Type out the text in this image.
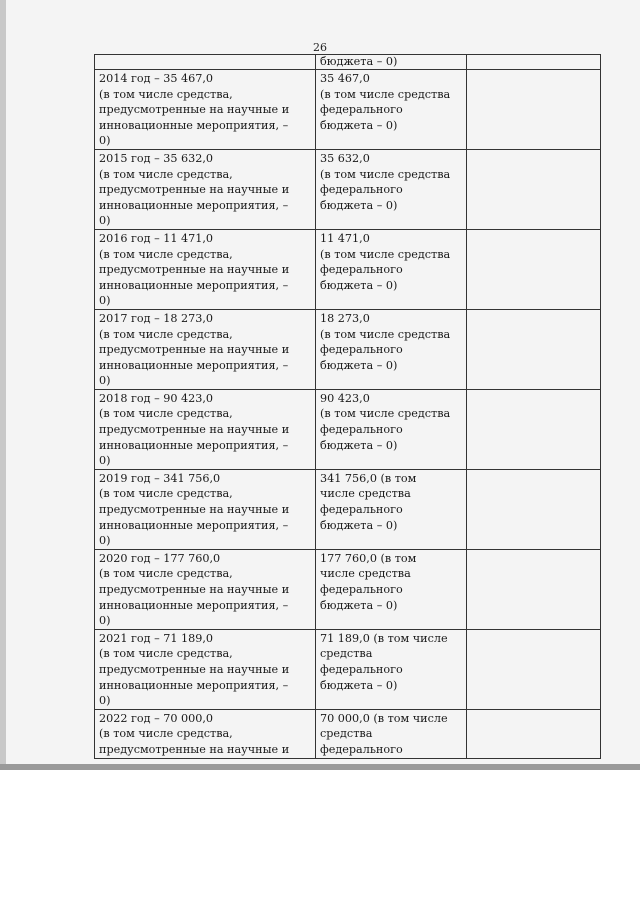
26
	бюджета – 0)	
2014 год – 35 467,0
(в том числе средства,
предусмотренные на научные и
инновационные мероприятия, –
0)	35 467,0
(в том числе средства
федерального
бюджета – 0)	
2015 год – 35 632,0
(в том числе средства,
предусмотренные на научные и
инновационные мероприятия, –
0)	35 632,0
(в том числе средства
федерального
бюджета – 0)	
2016 год – 11 471,0
(в том числе средства,
предусмотренные на научные и
инновационные мероприятия, –
0)	11 471,0
(в том числе средства
федерального
бюджета – 0)	
2017 год – 18 273,0
(в том числе средства,
предусмотренные на научные и
инновационные мероприятия, –
0)	18 273,0
(в том числе средства
федерального
бюджета – 0)	
2018 год – 90 423,0
(в том числе средства,
предусмотренные на научные и
инновационные мероприятия, –
0)	90 423,0
(в том числе средства
федерального
бюджета – 0)	
2019 год – 341 756,0
(в том числе средства,
предусмотренные на научные и
инновационные мероприятия, –
0)	341 756,0 (в том
числе средства
федерального
бюджета – 0)	
2020 год – 177 760,0
(в том числе средства,
предусмотренные на научные и
инновационные мероприятия, –
0)	177 760,0 (в том
числе средства
федерального
бюджета – 0)	
2021 год – 71 189,0
(в том числе средства,
предусмотренные на научные и
инновационные мероприятия, –
0)	71 189,0 (в том числе
средства
федерального
бюджета – 0)	
2022 год – 70 000,0
(в том числе средства,
предусмотренные на научные и	70 000,0 (в том числе
средства
федерального	
